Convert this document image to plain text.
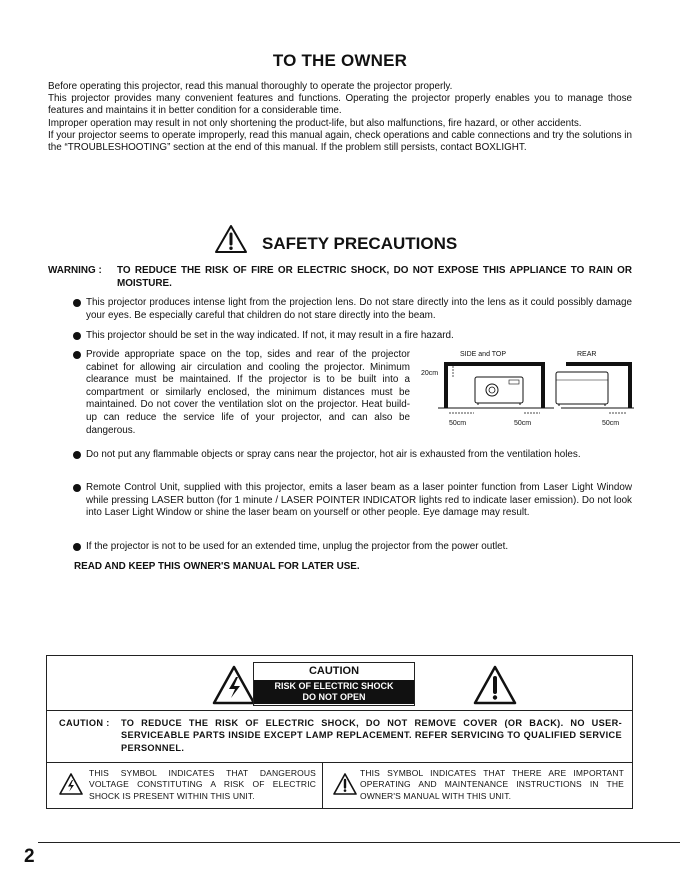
TO THE OWNER

Before operating this projector, read this manual thoroughly to operate the projector properly.

This projector provides many convenient features and functions. Operating the projector properly enables you to manage those features and maintains it in better condition for a considerable time.

Improper operation may result in not only shortening the product-life, but also malfunctions, fire hazard, or other accidents.

If your projector seems to operate improperly, read this manual again, check operations and cable connections and try the solutions in the “TROUBLESHOOTING” section at the end of this manual. If the problem still persists, contact BOXLIGHT.

SAFETY PRECAUTIONS
WARNING : TO REDUCE THE RISK OF FIRE OR ELECTRIC SHOCK, DO NOT EXPOSE THIS APPLIANCE TO RAIN OR MOISTURE.
This projector produces intense light from the projection lens. Do not stare directly into the lens as it could possibly damage your eyes. Be especially careful that children do not stare directly into the beam.
This projector should be set in the way indicated. If not, it may result in a fire hazard.
Provide appropriate space on the top, sides and rear of the projector cabinet for allowing air circulation and cooling the projector. Minimum clearance must be maintained. If the projector is to be built into a compartment or similarly enclosed, the minimum distances must be maintained. Do not cover the ventilation slot on the projector. Heat build-up can reduce the service life of your projector, and can also be dangerous.
SIDE and TOP	REAR
20cm
50cm	50cm	50cm
Do not put any flammable objects or spray cans near the projector, hot air is exhausted from the ventilation holes.
Remote Control Unit, supplied with this projector, emits a laser beam as a laser pointer function from Laser Light Window while pressing LASER button (for 1 minute / LASER POINTER INDICATOR lights red to indicate laser emission). Do not look into Laser Light Window or shine the laser beam on yourself or other people. Eye damage may result.
If the projector is not to be used for an extended time, unplug the projector from the power outlet.
READ AND KEEP THIS OWNER'S MANUAL FOR LATER USE.
CAUTION
RISK OF ELECTRIC SHOCK
DO NOT OPEN
CAUTION : TO REDUCE THE RISK OF ELECTRIC SHOCK, DO NOT REMOVE COVER (OR BACK). NO USER-SERVICEABLE PARTS INSIDE EXCEPT LAMP REPLACEMENT. REFER SERVICING TO QUALIFIED SERVICE PERSONNEL.
THIS SYMBOL INDICATES THAT DANGEROUS VOLTAGE CONSTITUTING A RISK OF ELECTRIC SHOCK IS PRESENT WITHIN THIS UNIT.
THIS SYMBOL INDICATES THAT THERE ARE IMPORTANT OPERATING AND MAINTENANCE INSTRUCTIONS IN THE OWNER'S MANUAL WITH THIS UNIT.
2
